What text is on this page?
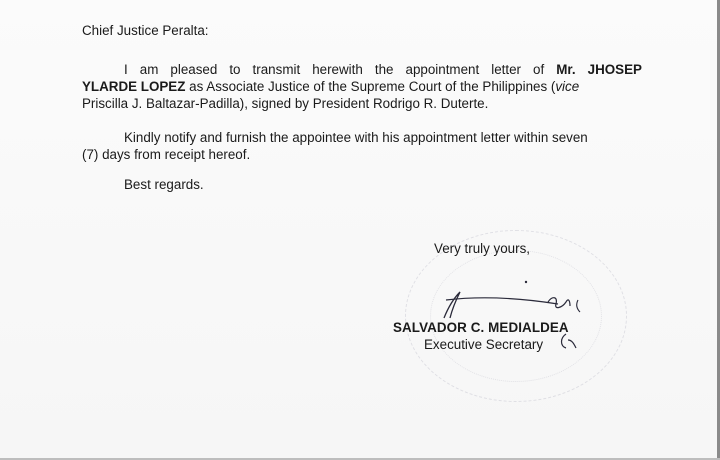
Chief Justice Peralta:

I am pleased to transmit herewith the appointment letter of Mr. JHOSEP
YLARDE LOPEZ as Associate Justice of the Supreme Court of the Philippines (vice
Priscilla J. Baltazar-Padilla), signed by President Rodrigo R. Duterte.
Kindly notify and furnish the appointee with his appointment letter within seven
(7) days from receipt hereof.

Best regards.

Very truly yours,

SALVADOR C. MEDIALDEA

Executive Secretary
